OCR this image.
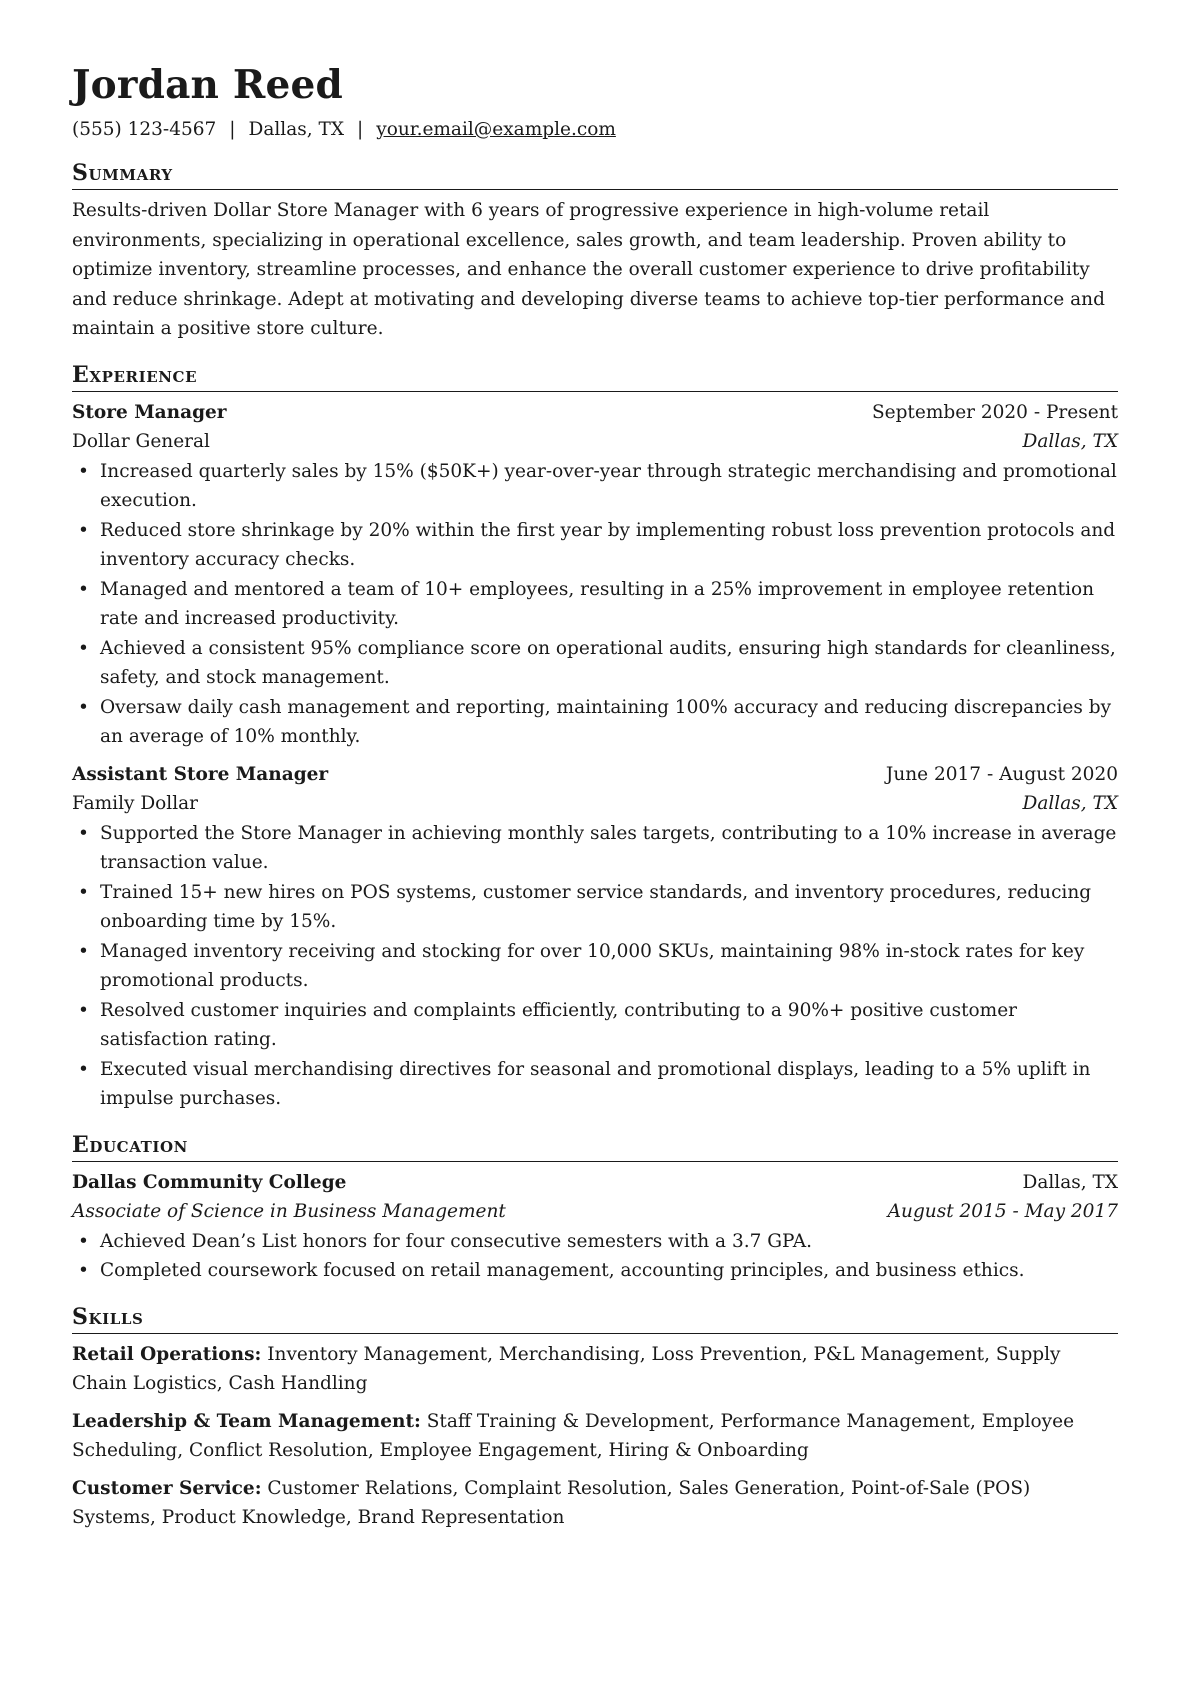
Jordan Reed
(555) 123-4567 | Dallas, TX | your.email@example.com
Summary
Results-driven Dollar Store Manager with 6 years of progressive experience in high-volume retail environments, specializing in operational excellence, sales growth, and team leadership. Proven ability to optimize inventory, streamline processes, and enhance the overall customer experience to drive profitability and reduce shrinkage. Adept at motivating and developing diverse teams to achieve top-tier performance and maintain a positive store culture.
Experience
Store Manager	September 2020 - Present
Dollar General	Dallas, TX
• Increased quarterly sales by 15% ($50K+) year-over-year through strategic merchandising and promotional execution.
• Reduced store shrinkage by 20% within the first year by implementing robust loss prevention protocols and inventory accuracy checks.
• Managed and mentored a team of 10+ employees, resulting in a 25% improvement in employee retention rate and increased productivity.
• Achieved a consistent 95% compliance score on operational audits, ensuring high standards for cleanliness, safety, and stock management.
• Oversaw daily cash management and reporting, maintaining 100% accuracy and reducing discrepancies by an average of 10% monthly.
Assistant Store Manager	June 2017 - August 2020
Family Dollar	Dallas, TX
• Supported the Store Manager in achieving monthly sales targets, contributing to a 10% increase in average transaction value.
• Trained 15+ new hires on POS systems, customer service standards, and inventory procedures, reducing onboarding time by 15%.
• Managed inventory receiving and stocking for over 10,000 SKUs, maintaining 98% in-stock rates for key promotional products.
• Resolved customer inquiries and complaints efficiently, contributing to a 90%+ positive customer satisfaction rating.
• Executed visual merchandising directives for seasonal and promotional displays, leading to a 5% uplift in impulse purchases.
Education
Dallas Community College	Dallas, TX
Associate of Science in Business Management	August 2015 - May 2017
• Achieved Dean’s List honors for four consecutive semesters with a 3.7 GPA.
• Completed coursework focused on retail management, accounting principles, and business ethics.
Skills
Retail Operations: Inventory Management, Merchandising, Loss Prevention, P&L Management, Supply Chain Logistics, Cash Handling
Leadership & Team Management: Staff Training & Development, Performance Management, Employee Scheduling, Conflict Resolution, Employee Engagement, Hiring & Onboarding
Customer Service: Customer Relations, Complaint Resolution, Sales Generation, Point-of-Sale (POS) Systems, Product Knowledge, Brand Representation
